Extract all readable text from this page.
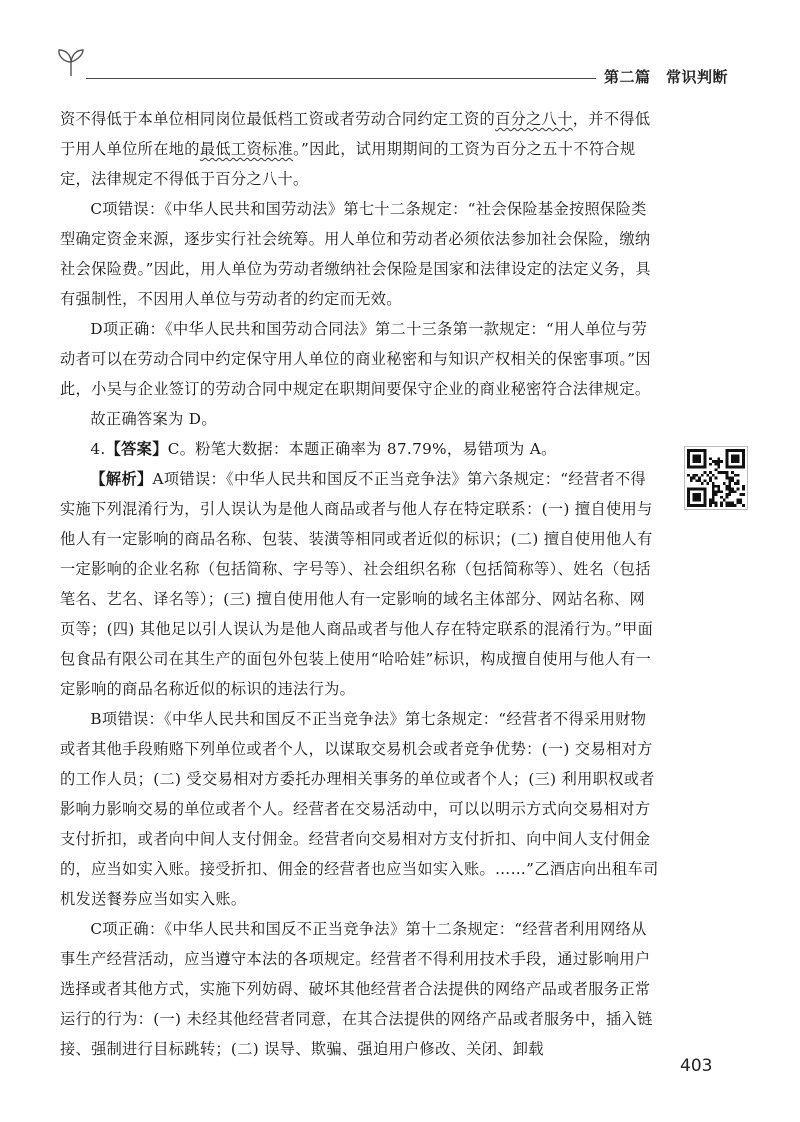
第二篇　常识判断

资不得低于本单位相同岗位最低档工资或者劳动合同约定工资的百分之八十，并不得低于用人单位所在地的最低工资标准。”因此，试用期期间的工资为百分之五十不符合规定，法律规定不得低于百分之八十。

C项错误：《中华人民共和国劳动法》第七十二条规定：“社会保险基金按照保险类型确定资金来源，逐步实行社会统筹。用人单位和劳动者必须依法参加社会保险，缴纳社会保险费。”因此，用人单位为劳动者缴纳社会保险是国家和法律设定的法定义务，具有强制性，不因用人单位与劳动者的约定而无效。

D项正确：《中华人民共和国劳动合同法》第二十三条第一款规定：“用人单位与劳动者可以在劳动合同中约定保守用人单位的商业秘密和与知识产权相关的保密事项。”因此，小吴与企业签订的劳动合同中规定在职期间要保守企业的商业秘密符合法律规定。

故正确答案为 D。

4.【答案】C。粉笔大数据：本题正确率为 87.79%，易错项为 A。

【解析】A项错误：《中华人民共和国反不正当竞争法》第六条规定：“经营者不得实施下列混淆行为，引人误认为是他人商品或者与他人存在特定联系：(一) 擅自使用与他人有一定影响的商品名称、包装、装潢等相同或者近似的标识；(二) 擅自使用他人有一定影响的企业名称（包括简称、字号等）、社会组织名称（包括简称等）、姓名（包括笔名、艺名、译名等）；(三) 擅自使用他人有一定影响的域名主体部分、网站名称、网页等；(四) 其他足以引人误认为是他人商品或者与他人存在特定联系的混淆行为。”甲面包食品有限公司在其生产的面包外包装上使用“哈哈娃”标识，构成擅自使用与他人有一定影响的商品名称近似的标识的违法行为。

B项错误：《中华人民共和国反不正当竞争法》第七条规定：“经营者不得采用财物或者其他手段贿赂下列单位或者个人，以谋取交易机会或者竞争优势：(一) 交易相对方的工作人员；(二) 受交易相对方委托办理相关事务的单位或者个人；(三) 利用职权或者影响力影响交易的单位或者个人。经营者在交易活动中，可以以明示方式向交易相对方支付折扣，或者向中间人支付佣金。经营者向交易相对方支付折扣、向中间人支付佣金的，应当如实入账。接受折扣、佣金的经营者也应当如实入账。……”乙酒店向出租车司机发送餐券应当如实入账。

C项正确：《中华人民共和国反不正当竞争法》第十二条规定：“经营者利用网络从事生产经营活动，应当遵守本法的各项规定。经营者不得利用技术手段，通过影响用户选择或者其他方式，实施下列妨碍、破坏其他经营者合法提供的网络产品或者服务正常运行的行为：(一) 未经其他经营者同意，在其合法提供的网络产品或者服务中，插入链接、强制进行目标跳转；(二) 误导、欺骗、强迫用户修改、关闭、卸载

403
